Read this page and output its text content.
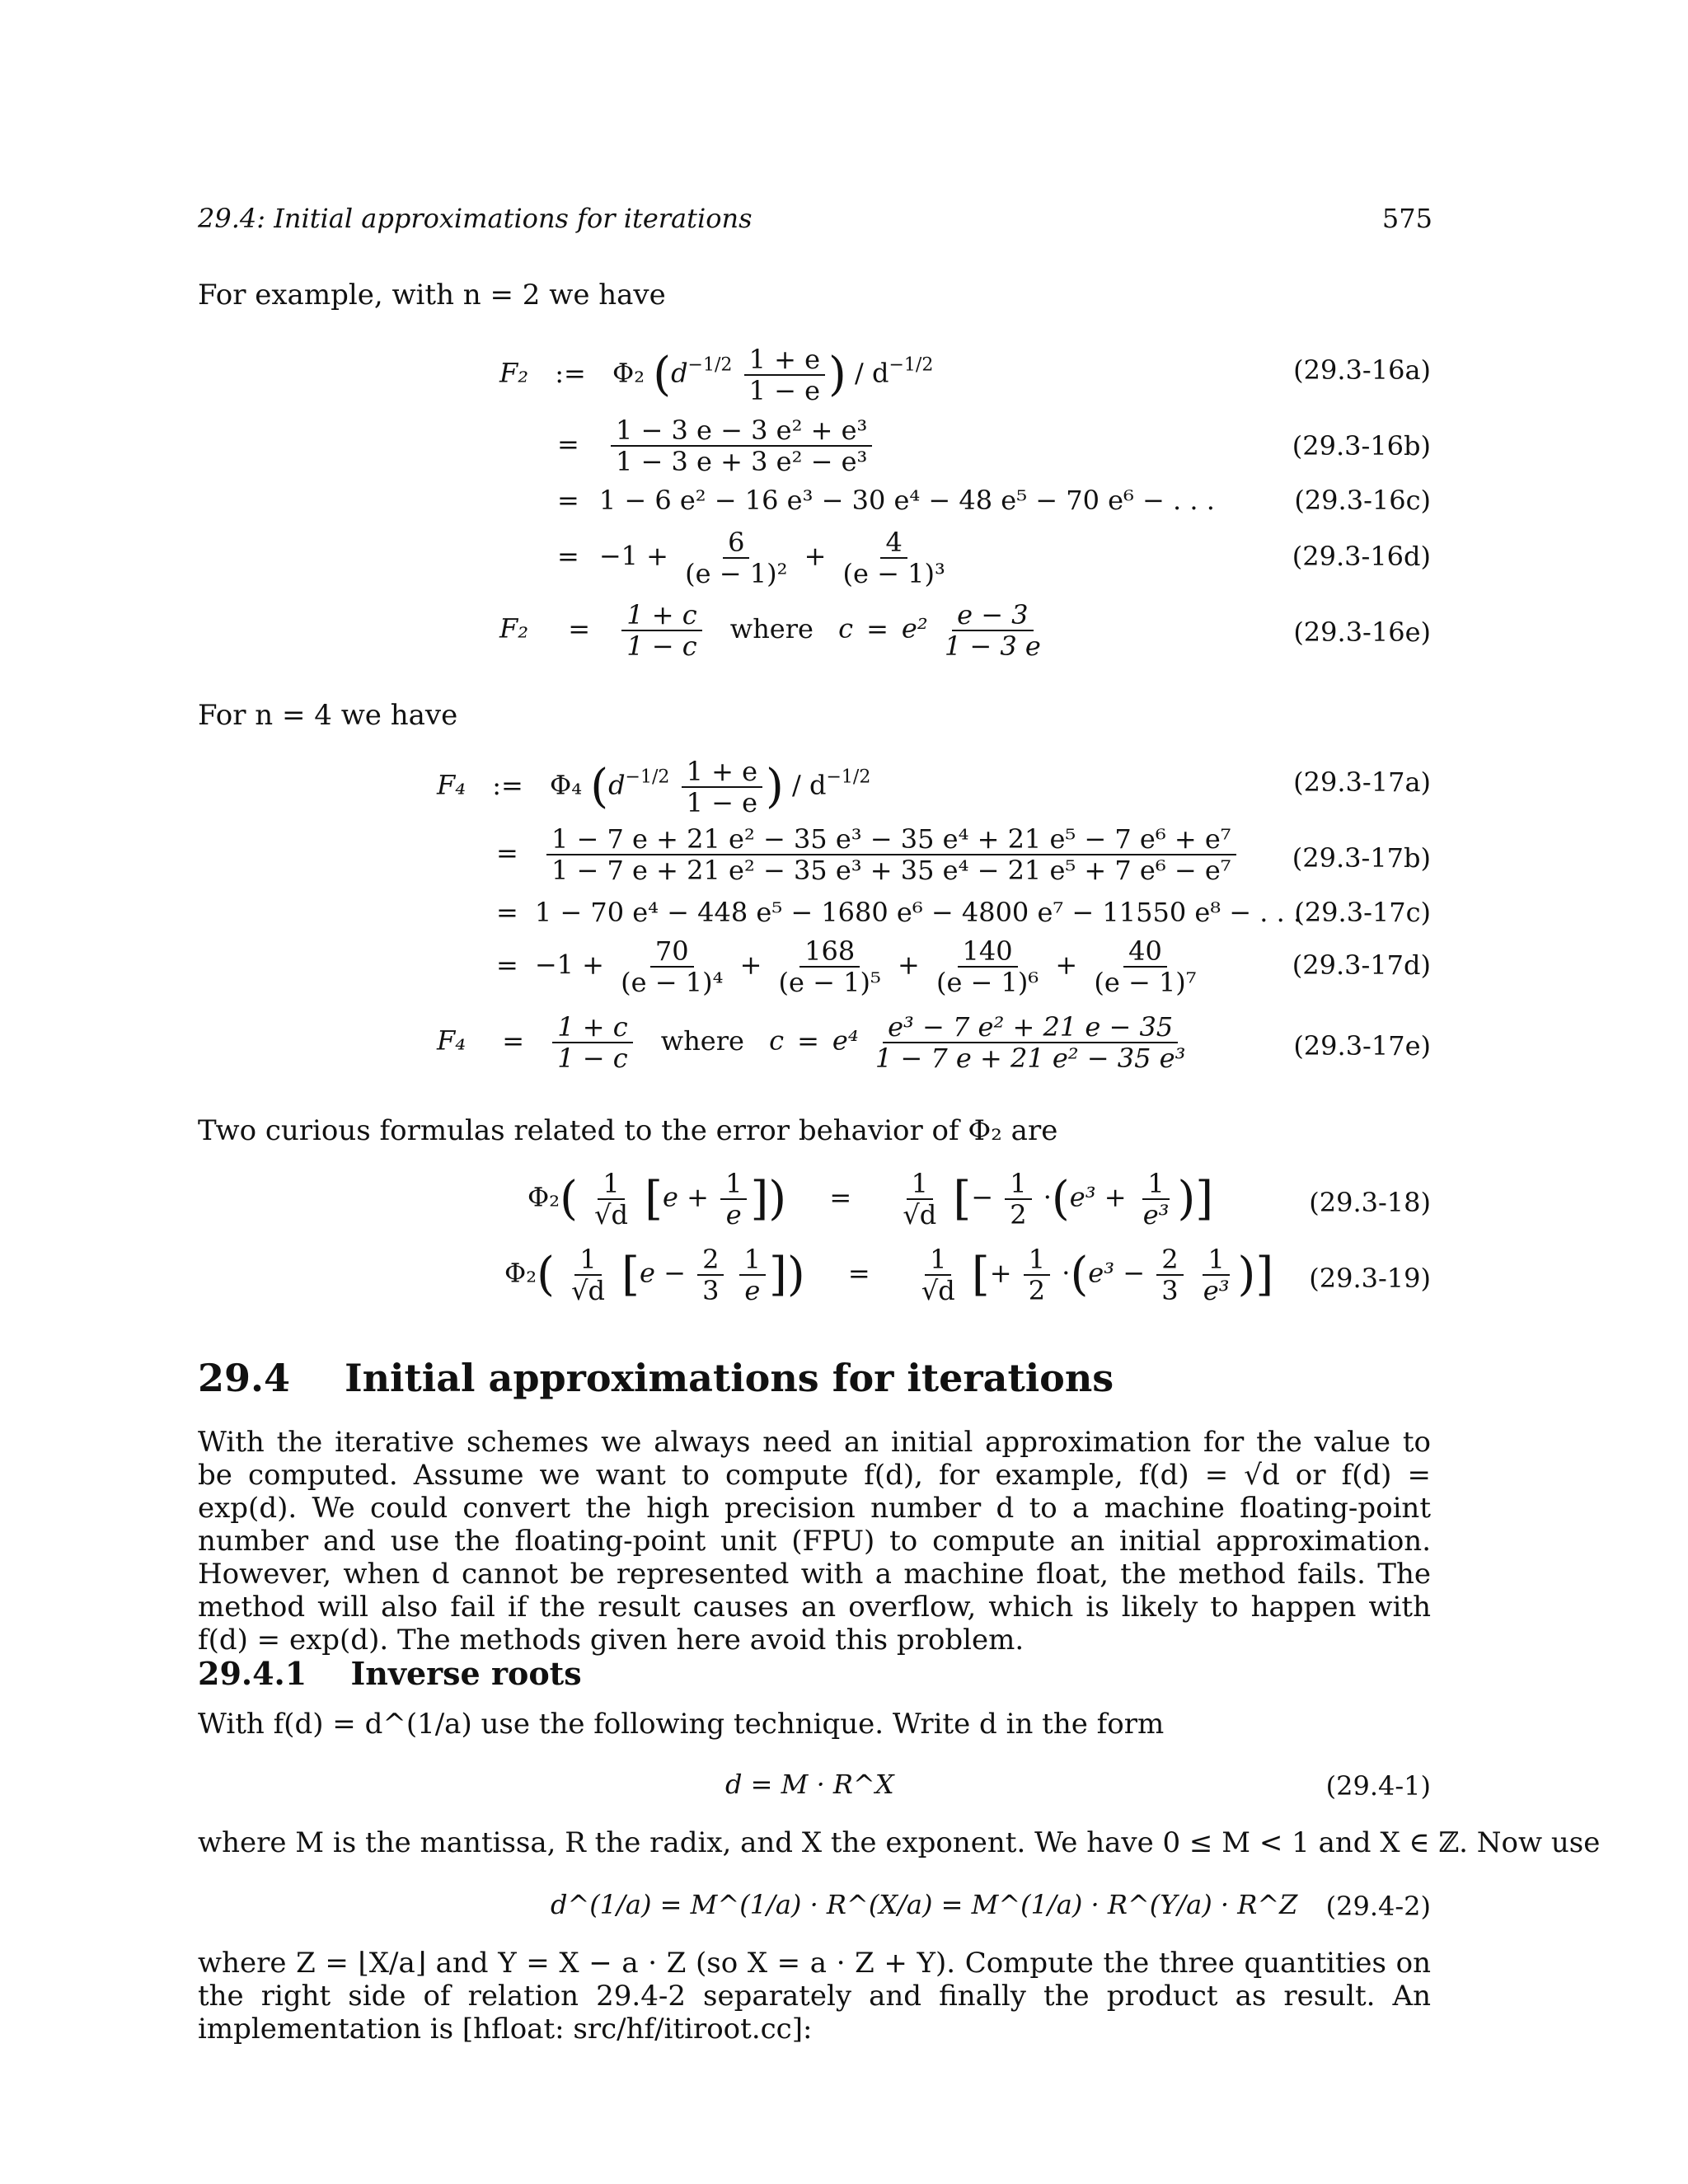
29.4: Initial approximations for iterations	575
For example, with n = 2 we have
F₂ := Φ₂ ($d^{-1/2} \frac{1 + e}{1 - e}$ ) / $d^{-1/2}$	(29.3-16a)
= $\frac{\text{1 − 3 e − 3 e² + e³}}{\text{1 − 3 e + 3 e² − e³}}$	(29.3-16b)
= 1 − 6 e² − 16 e³ − 30 e⁴ − 48 e⁵ − 70 e⁶ − . . .	(29.3-16c)
= $-1 + \frac{6}{\text{(e − 1)²}} + \frac{4}{\text{(e − 1)³}}$	(29.3-16d)
$F_2 = \frac{1 + c}{1 - c}$ where $c = e^2 \frac{e - 3}{1 - 3 e}$	(29.3-16e)
For n = 4 we have
F₄ := Φ₄ ($d^{-1/2} \frac{1 + e}{1 - e}$ ) / $d^{-1/2}$	(29.3-17a)
= $\frac{\text{1 − 7 e + 21 e² − 35 e³ − 35 e⁴ + 21 e⁵ − 7 e⁶ + e⁷}}{\text{1 − 7 e + 21 e² − 35 e³ + 35 e⁴ − 21 e⁵ + 7 e⁶ − e⁷}} (29.3-17b)$
= 1 − 70 e⁴ − 448 e⁵ − 1680 e⁶ − 4800 e⁷ − 11550 e⁸ − . . .
(29.3-17c)
= $-1 + \frac{70}{\text{(e − 1)⁴}} + \frac{168}{\text{(e − 1)⁵}} + \frac{140}{\text{(e − 1)⁶}} + \frac{40}{\text{(e − 1)⁷}}$	(29.3-17d)
$F_4 = \frac{1 + c}{1 - c}$ where $c = e^4 \frac{\text{e³ − 7 e² + 21 e − 35}}{\text{1 − 7 e + 21 e² − 35 e³}}$	(29.3-17e)
Two curious formulas related to the error behavior of Φ₂ are
$\Phi_2( \frac{1}{√d} [e + \frac{1}{e}$ ]) = $\frac{1}{√d}$ [− $\frac{1}{2} \cdot(e^3 + \frac{1}{\text{e³}}$ )]	(29.3-18)
$\Phi_2( \frac{1}{√d} [e - \frac{2}{3}$
$\frac{1}{e}$ ]) = $\frac{1}{√d}$ [+ $\frac{1}{2} \cdot(e^3 - \frac{2}{3}$
$\frac{1}{\text{e³}}$ )] (29.3-19)
29.4 Initial approximations for iterations
With the iterative schemes we always need an initial approximation for the value to be computed. Assume we want to compute f(d), for example, f(d) = √d or f(d) = exp(d). We could convert the high precision number d to a machine floating-point number and use the floating-point unit (FPU) to compute an initial approximation. However, when d cannot be represented with a machine float, the method fails. The method will also fail if the result causes an overflow, which is likely to happen with f(d) = exp(d). The methods given here avoid this problem.
29.4.1 Inverse roots
With f(d) = d^(1/a) use the following technique. Write d in the form
d = M · R^X	(29.4-1)
where M is the mantissa, R the radix, and X the exponent. We have 0 ≤ M < 1 and X ∈ ℤ. Now use
d^(1/a) = M^(1/a) · R^(X/a) = M^(1/a) · R^(Y/a) · R^Z (29.4-2)
where Z = ⌊X/a⌋ and Y = X − a · Z (so X = a · Z + Y). Compute the three quantities on the right side of relation 29.4-2 separately and finally the product as result. An implementation is [hfloat: src/hf/itiroot.cc]:
